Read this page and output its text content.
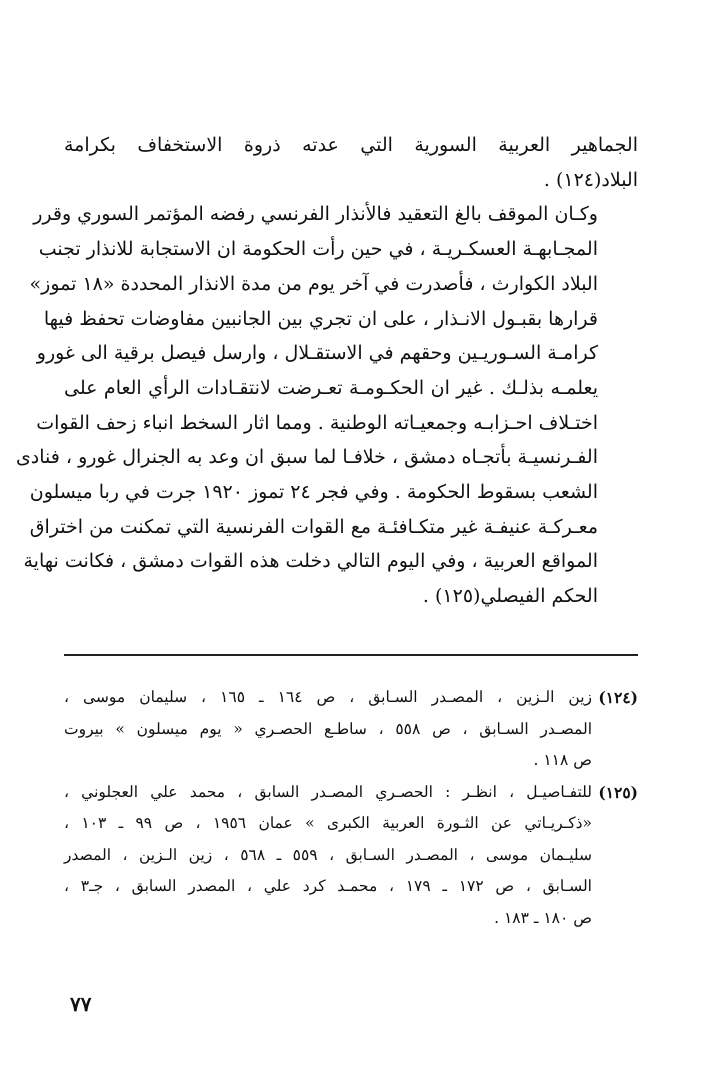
الجماهير العربية السورية التي عدته ذروة الاستخفاف بكرامة
البلاد(١٢٤) .

وكـان الموقف بالغ التعقيد فالأنذار الفرنسي رفضه المؤتمر السوري وقرر
المجـابهـة العسكـريـة ، في حين رأت الحكومة ان الاستجابة للانذار تجنب
البلاد الكوارث ، فأصدرت في آخر يوم من مدة الانذار المحددة «١٨ تموز»
قرارها بقبـول الانـذار ، على ان تجري بين الجانبين مفاوضات تحفظ فيها
كرامـة السـوريـين وحقهم في الاستقـلال ، وارسل فيصل برقية الى غورو
يعلمـه بذلـك . غير ان الحكـومـة تعـرضت لانتقـادات الرأي العام على
اختـلاف احـزابـه وجمعيـاته الوطنية . ومما اثار السخط انباء زحف القوات
الفـرنسيـة بأتجـاه دمشق ، خلافـا لما سبق ان وعد به الجنرال غورو ، فنادى
الشعب بسقوط الحكومة . وفي فجر ٢٤ تموز ١٩٢٠ جرت في ربا ميسلون
معـركـة عنيفـة غير متكـافئـة مع القوات الفرنسية التي تمكنت من اختراق
المواقع العربية ، وفي اليوم التالي دخلت هذه القوات دمشق ، فكانت نهاية
الحكم الفيصلي(١٢٥) .

(١٢٤)
زين الـزين ، المصـدر السـابق ، ص ١٦٤ ـ ١٦٥ ، سليمان موسى ،
المصـدر السـابق ، ص ٥٥٨ ، ساطـع الحصـري « يوم ميسلون » بيروت
ص ١١٨ .
(١٢٥)
للتفـاصيـل ، انظـر : الحصـري المصـدر السابق ، محمد علي العجلوني ،
«ذكـريـاتي عن الثـورة العربية الكبرى » عمان ١٩٥٦ ، ص ٩٩ ـ ١٠٣ ،
سليـمان موسى ، المصـدر السـابق ، ٥٥٩ ـ ٥٦٨ ، زين الـزين ، المصدر
السـابق ، ص ١٧٢ ـ ١٧٩ ، محمـد كرد علي ، المصدر السابق ، جـ٣ ،
ص ١٨٠ ـ ١٨٣ .
٧٧
